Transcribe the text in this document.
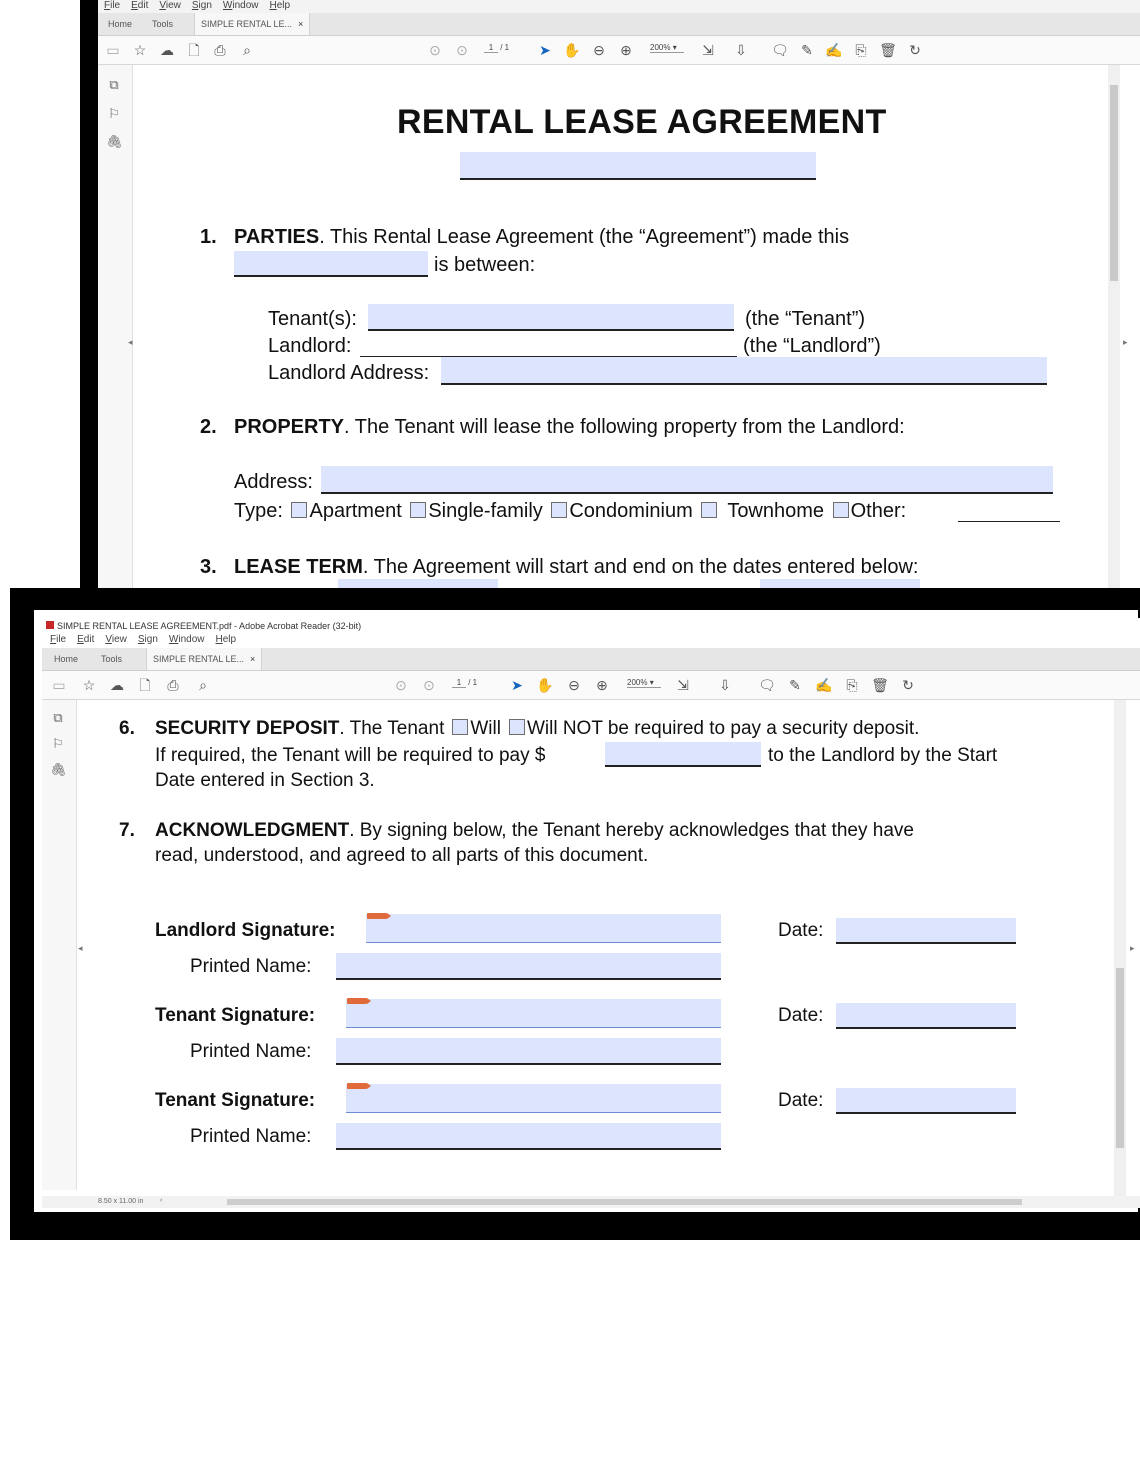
File Edit View Sign Window Help
Home Tools	SIMPLE RENTAL LE... ×
▭ ☆ ☁ 🗋 ⎙	⌕	⊙ ⊙	1 / 1 ➤ ✋ ⊖ ⊕	200% ▾	⇲ ⇩ 🗨 ✎ ✍ ⎘ 🗑 ↻
⧉
⚐
🖇
◂	▸
RENTAL LEASE AGREEMENT
1. PARTIES. This Rental Lease Agreement (the “Agreement”) made this
is between:
Tenant(s):	(the “Tenant”)
Landlord:	(the “Landlord”)
Landlord Address:
2. PROPERTY. The Tenant will lease the following property from the Landlord:
Address:
Type: Apartment Single-family Condominium Townhome Other:
3. LEASE TERM. The Agreement will start and end on the dates entered below:
SIMPLE RENTAL LEASE AGREEMENT.pdf - Adobe Acrobat Reader (32-bit)
File Edit View Sign Window Help
Home	Tools	SIMPLE RENTAL LE... ×
▭ ☆ ☁ 🗋 ⎙	⌕	⊙ ⊙	1 / 1 ➤ ✋ ⊖ ⊕	200% ▾	⇲ ⇩ 🗨 ✎ ✍ ⎘ 🗑 ↻
⧉
⚐
🖇
◂	▸
8.50 x 11.00 in ‹
6. SECURITY DEPOSIT. The Tenant Will Will NOT be required to pay a security deposit.
If required, the Tenant will be required to pay $	to the Landlord by the Start
Date entered in Section 3.
7. ACKNOWLEDGMENT. By signing below, the Tenant hereby acknowledges that they have
read, understood, and agreed to all parts of this document.
Landlord Signature:	Date:
Printed Name:
Tenant Signature:	Date:
Printed Name:
Tenant Signature:	Date:
Printed Name:
